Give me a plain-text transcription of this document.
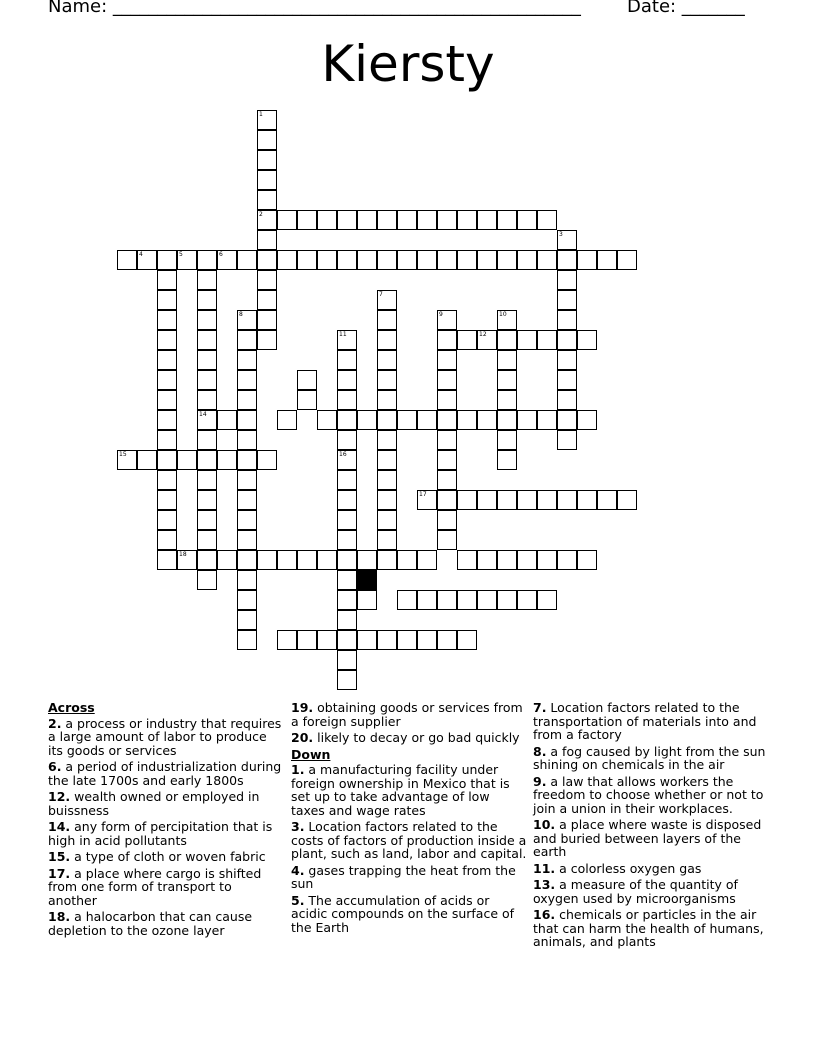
Name: ____________________________________________________	Date: _______
Kiersty
1
2
3
4	5	6
14
7
8	9	10
12
11
16
15
17
18
Across
2. a process or industry that requires a large amount of labor to produce its goods or services
6. a period of industrialization during the late 1700s and early 1800s
12. wealth owned or employed in buissness
14. any form of percipitation that is high in acid pollutants
15. a type of cloth or woven fabric
17. a place where cargo is shifted from one form of transport to another
18. a halocarbon that can cause depletion to the ozone layer
19. obtaining goods or services from a foreign supplier
20. likely to decay or go bad quickly
Down
1. a manufacturing facility under foreign ownership in Mexico that is set up to take advantage of low taxes and wage rates
3. Location factors related to the costs of factors of production inside a plant, such as land, labor and capital.
4. gases trapping the heat from the sun
5. The accumulation of acids or acidic compounds on the surface of the Earth
7. Location factors related to the transportation of materials into and from a factory
8. a fog caused by light from the sun shining on chemicals in the air
9. a law that allows workers the freedom to choose whether or not to join a union in their workplaces.
10. a place where waste is disposed and buried between layers of the earth
11. a colorless oxygen gas
13. a measure of the quantity of oxygen used by microorganisms
16. chemicals or particles in the air that can harm the health of humans, animals, and plants
